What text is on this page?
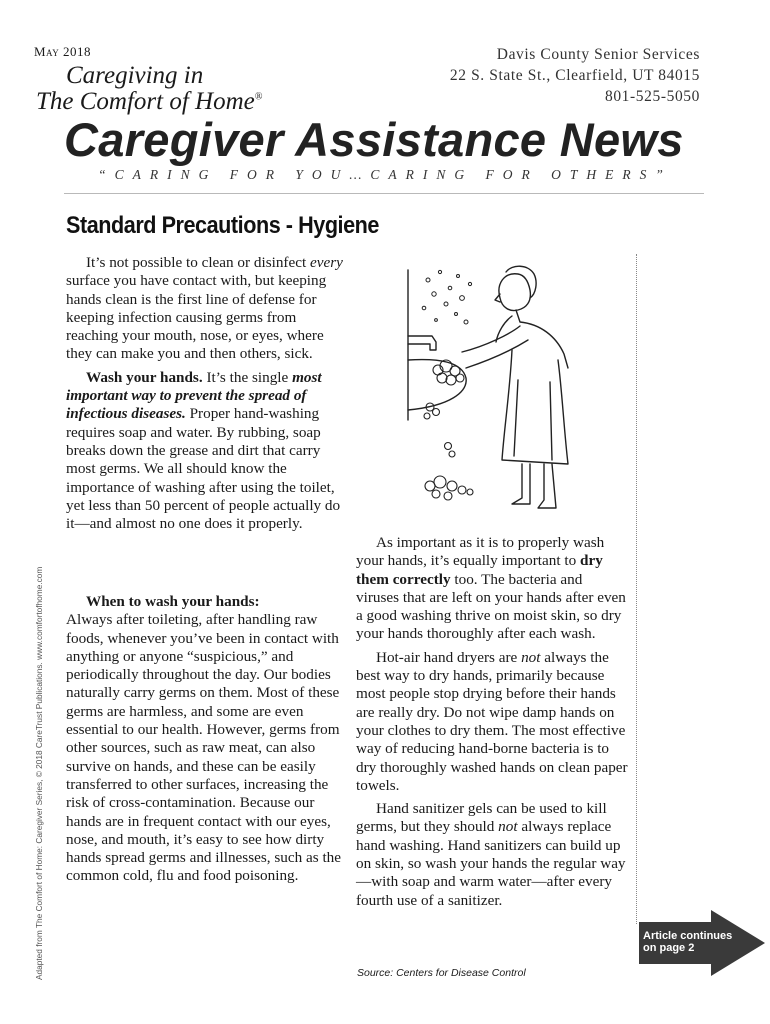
May 2018
Caregiving in
The Comfort of Home®
Davis County Senior Services
22 S. State St., Clearfield, UT 84015
801-525-5050
Caregiver Assistance News
“CARING FOR YOU…CARING FOR OTHERS”
Standard Precautions - Hygiene

It’s not possible to clean or disinfect every surface you have contact with, but keeping hands clean is the first line of defense for keeping infection causing germs from reaching your mouth, nose, or eyes, where they can make you and then others, sick.

Wash your hands. It’s the single most important way to prevent the spread of infectious diseases. Proper hand-washing requires soap and water. By rubbing, soap breaks down the grease and dirt that carry most germs. We all should know the importance of washing after using the toilet, yet less than 50 percent of people actually do it—and almost no one does it properly.

When to wash your hands:

Always after toileting, after handling raw foods, whenever you’ve been in contact with anything or anyone “suspicious,” and periodically throughout the day. Our bodies naturally carry germs on them. Most of these germs are harmless, and some are even essential to our health. However, germs from other sources, such as raw meat, can also survive on hands, and these can be easily transferred to other surfaces, increasing the risk of cross-contamination. Because our hands are in frequent contact with our eyes, nose, and mouth, it’s easy to see how dirty hands spread germs and illnesses, such as the common cold, flu and food poisoning.

As important as it is to properly wash your hands, it’s equally important to dry them correctly too. The bacteria and viruses that are left on your hands after even a good washing thrive on moist skin, so dry your hands thoroughly after each wash.

Hot-air hand dryers are not always the best way to dry hands, primarily because most people stop drying before their hands are really dry. Do not wipe damp hands on your clothes to dry them. The most effective way of reducing hand-borne bacteria is to dry thoroughly washed hands on clean paper towels.

Hand sanitizer gels can be used to kill germs, but they should not always replace hand washing. Hand sanitizers can build up on skin, so wash your hands the regular way—with soap and warm water—after every fourth use of a sanitizer.

Source: Centers for Disease Control
Adapted from The Comfort of Home: Caregiver Series, © 2018 CareTrust Publications. www.comfortofhome.com	Article continues
on page 2
